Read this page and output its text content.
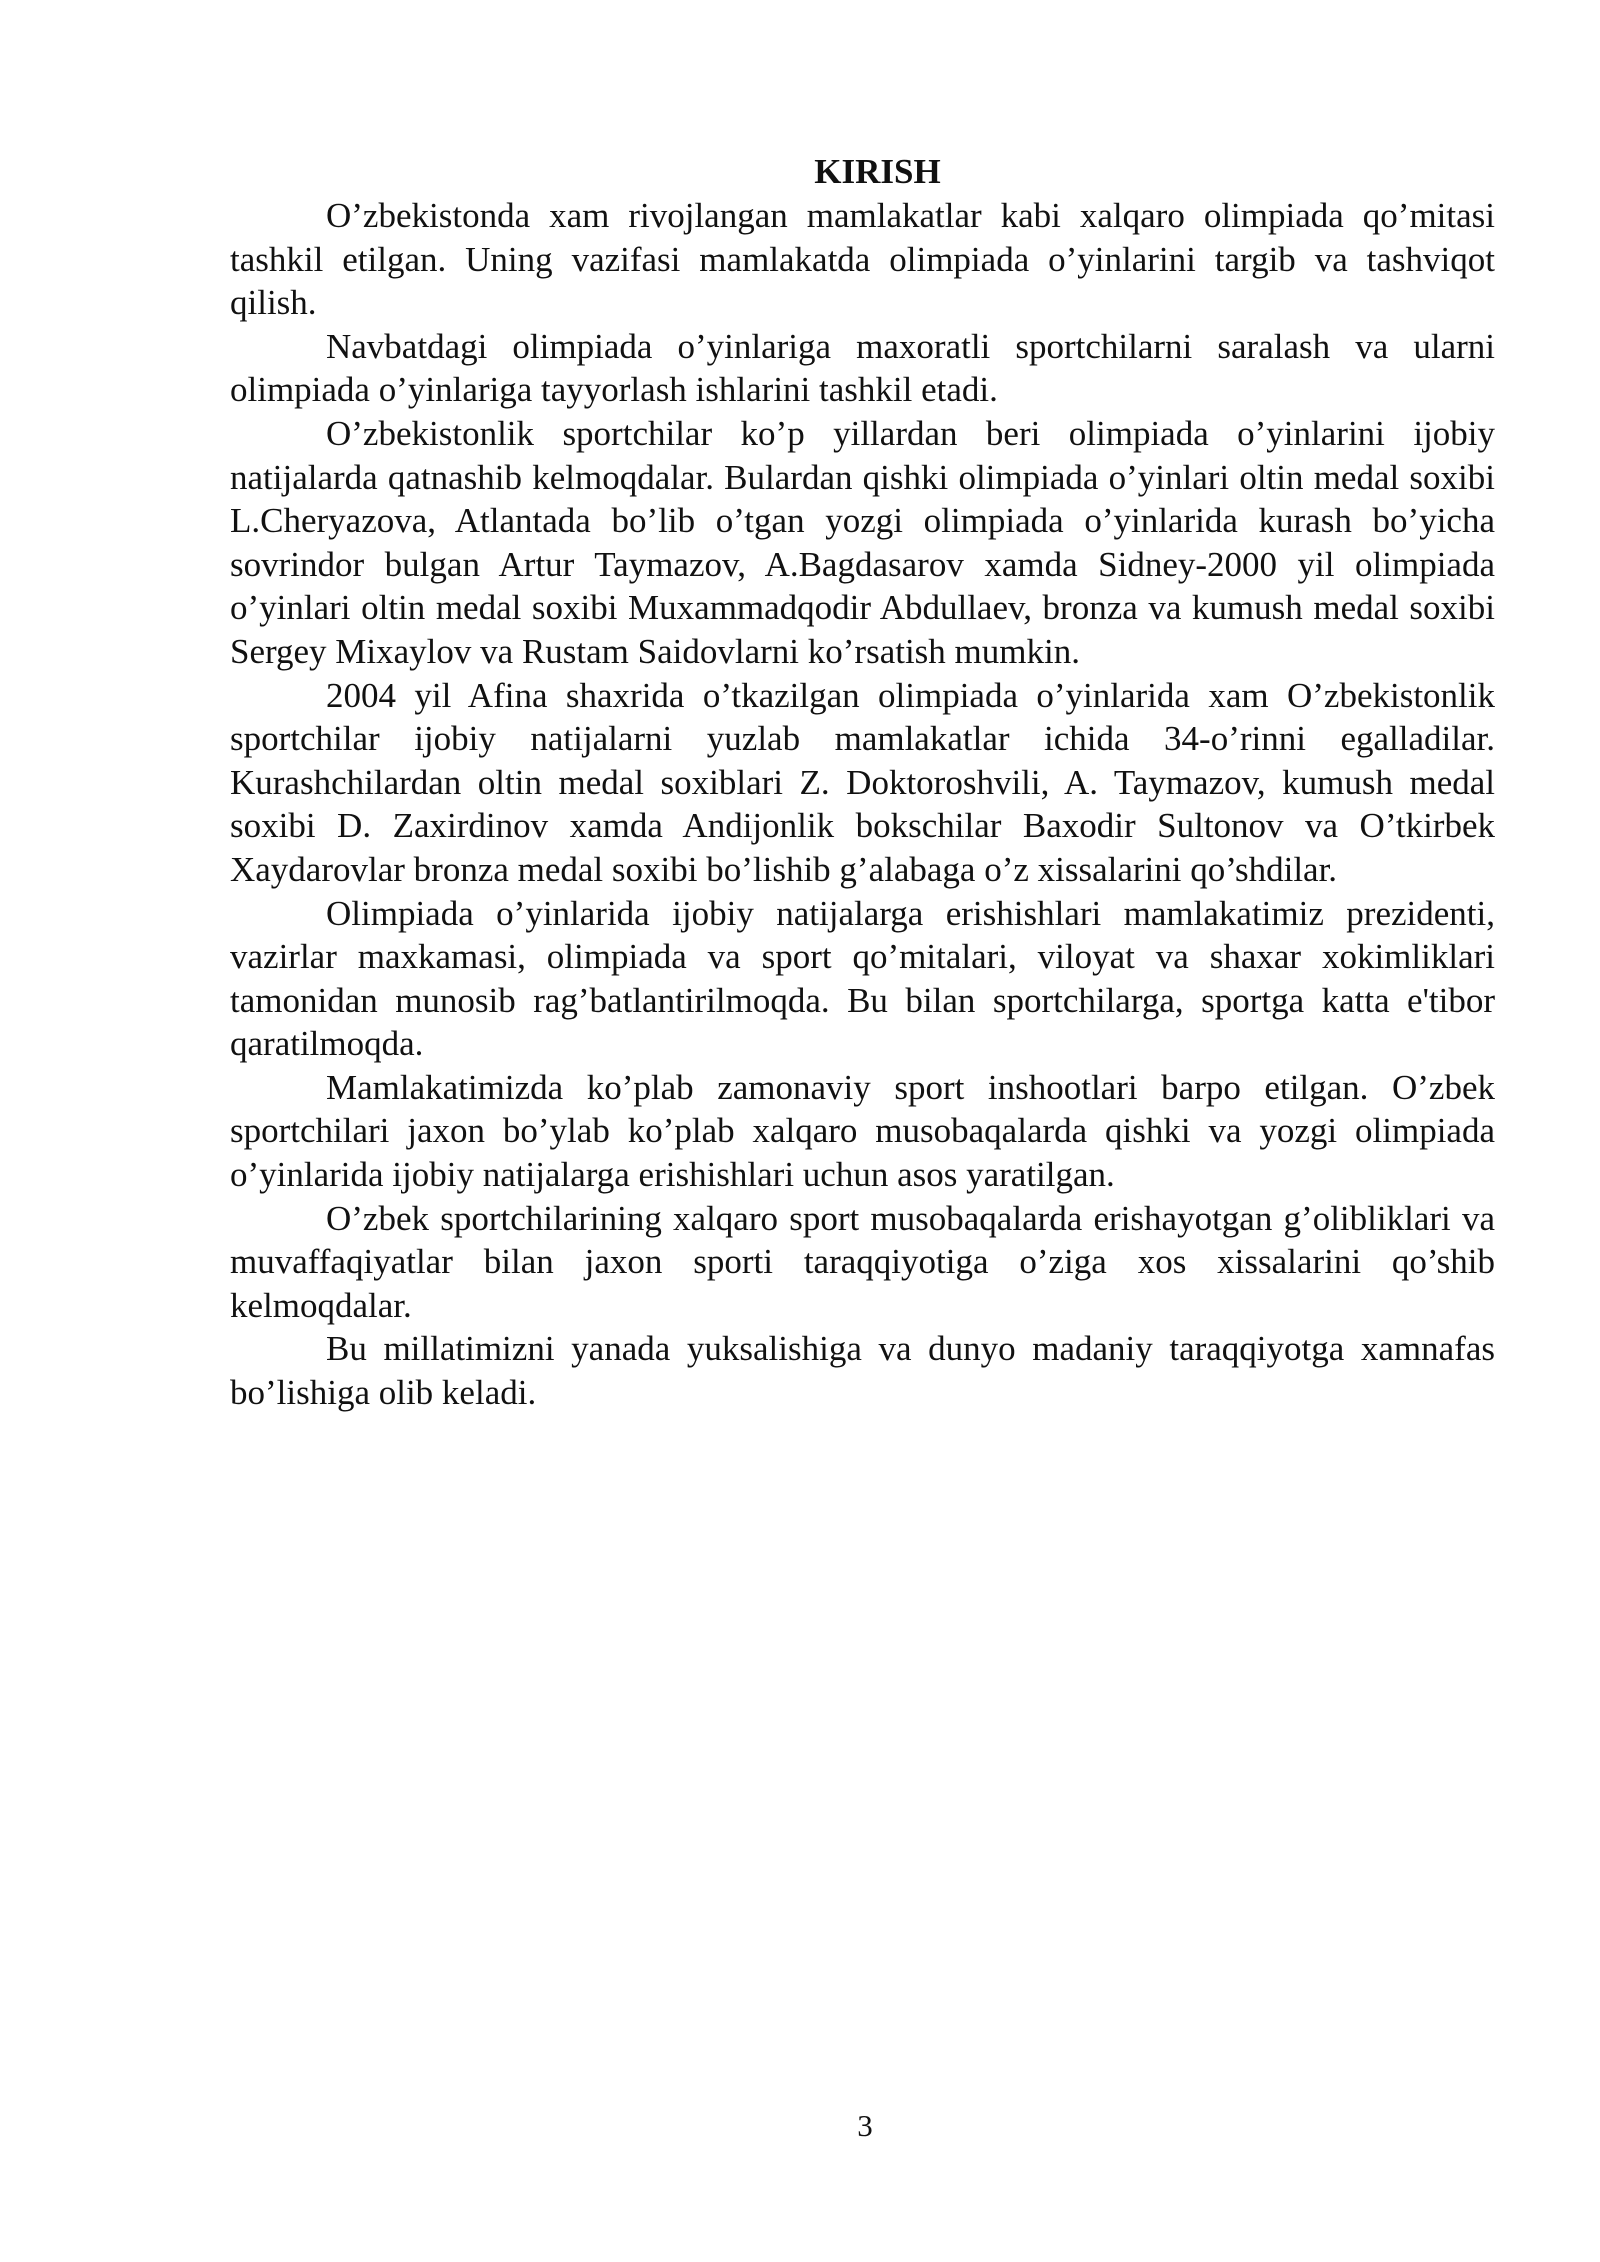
KIRISH

O’zbekistonda xam rivojlangan mamlakatlar kabi xalqaro olimpiada qo’mitasi tashkil etilgan. Uning vazifasi mamlakatda olimpiada o’yinlarini targib va tashviqot qilish.

Navbatdagi olimpiada o’yinlariga maxoratli sportchilarni saralash va ularni olimpiada o’yinlariga tayyorlash ishlarini tashkil etadi.

O’zbekistonlik sportchilar ko’p yillardan beri olimpiada o’yinlarini ijobiy natijalarda qatnashib kelmoqdalar. Bulardan qishki olimpiada o’yinlari oltin medal soxibi L.Cheryazova, Atlantada bo’lib o’tgan yozgi olimpiada o’yinlarida kurash bo’yicha sovrindor bulgan Artur Taymazov, A.Bagdasarov xamda Sidney-2000 yil olimpiada o’yinlari oltin medal soxibi Muxammadqodir Abdullaev, bronza va kumush medal soxibi Sergey Mixaylov va Rustam Saidovlarni ko’rsatish mumkin.

2004 yil Afina shaxrida o’tkazilgan olimpiada o’yinlarida xam O’zbekistonlik sportchilar ijobiy natijalarni yuzlab mamlakatlar ichida 34-o’rinni egalladilar. Kurashchilardan oltin medal soxiblari Z. Doktoroshvili, A. Taymazov, kumush medal soxibi D. Zaxirdinov xamda Andijonlik bokschilar Baxodir Sultonov va O’tkirbek Xaydarovlar bronza medal soxibi bo’lishib g’alabaga o’z xissalarini qo’shdilar.

Olimpiada o’yinlarida ijobiy natijalarga erishishlari mamlakatimiz prezidenti, vazirlar maxkamasi, olimpiada va sport qo’mitalari, viloyat va shaxar xokimliklari tamonidan munosib rag’batlantirilmoqda. Bu bilan sportchilarga, sportga katta e'tibor qaratilmoqda.

Mamlakatimizda ko’plab zamonaviy sport inshootlari barpo etilgan. O’zbek sportchilari jaxon bo’ylab ko’plab xalqaro musobaqalarda qishki va yozgi olimpiada o’yinlarida ijobiy natijalarga erishishlari uchun asos yaratilgan.

O’zbek sportchilarining xalqaro sport musobaqalarda erishayotgan g’olibliklari va muvaffaqiyatlar bilan jaxon sporti taraqqiyotiga o’ziga xos xissalarini qo’shib kelmoqdalar.

Bu millatimizni yanada yuksalishiga va dunyo madaniy taraqqiyotga xamnafas bo’lishiga olib keladi.

3
